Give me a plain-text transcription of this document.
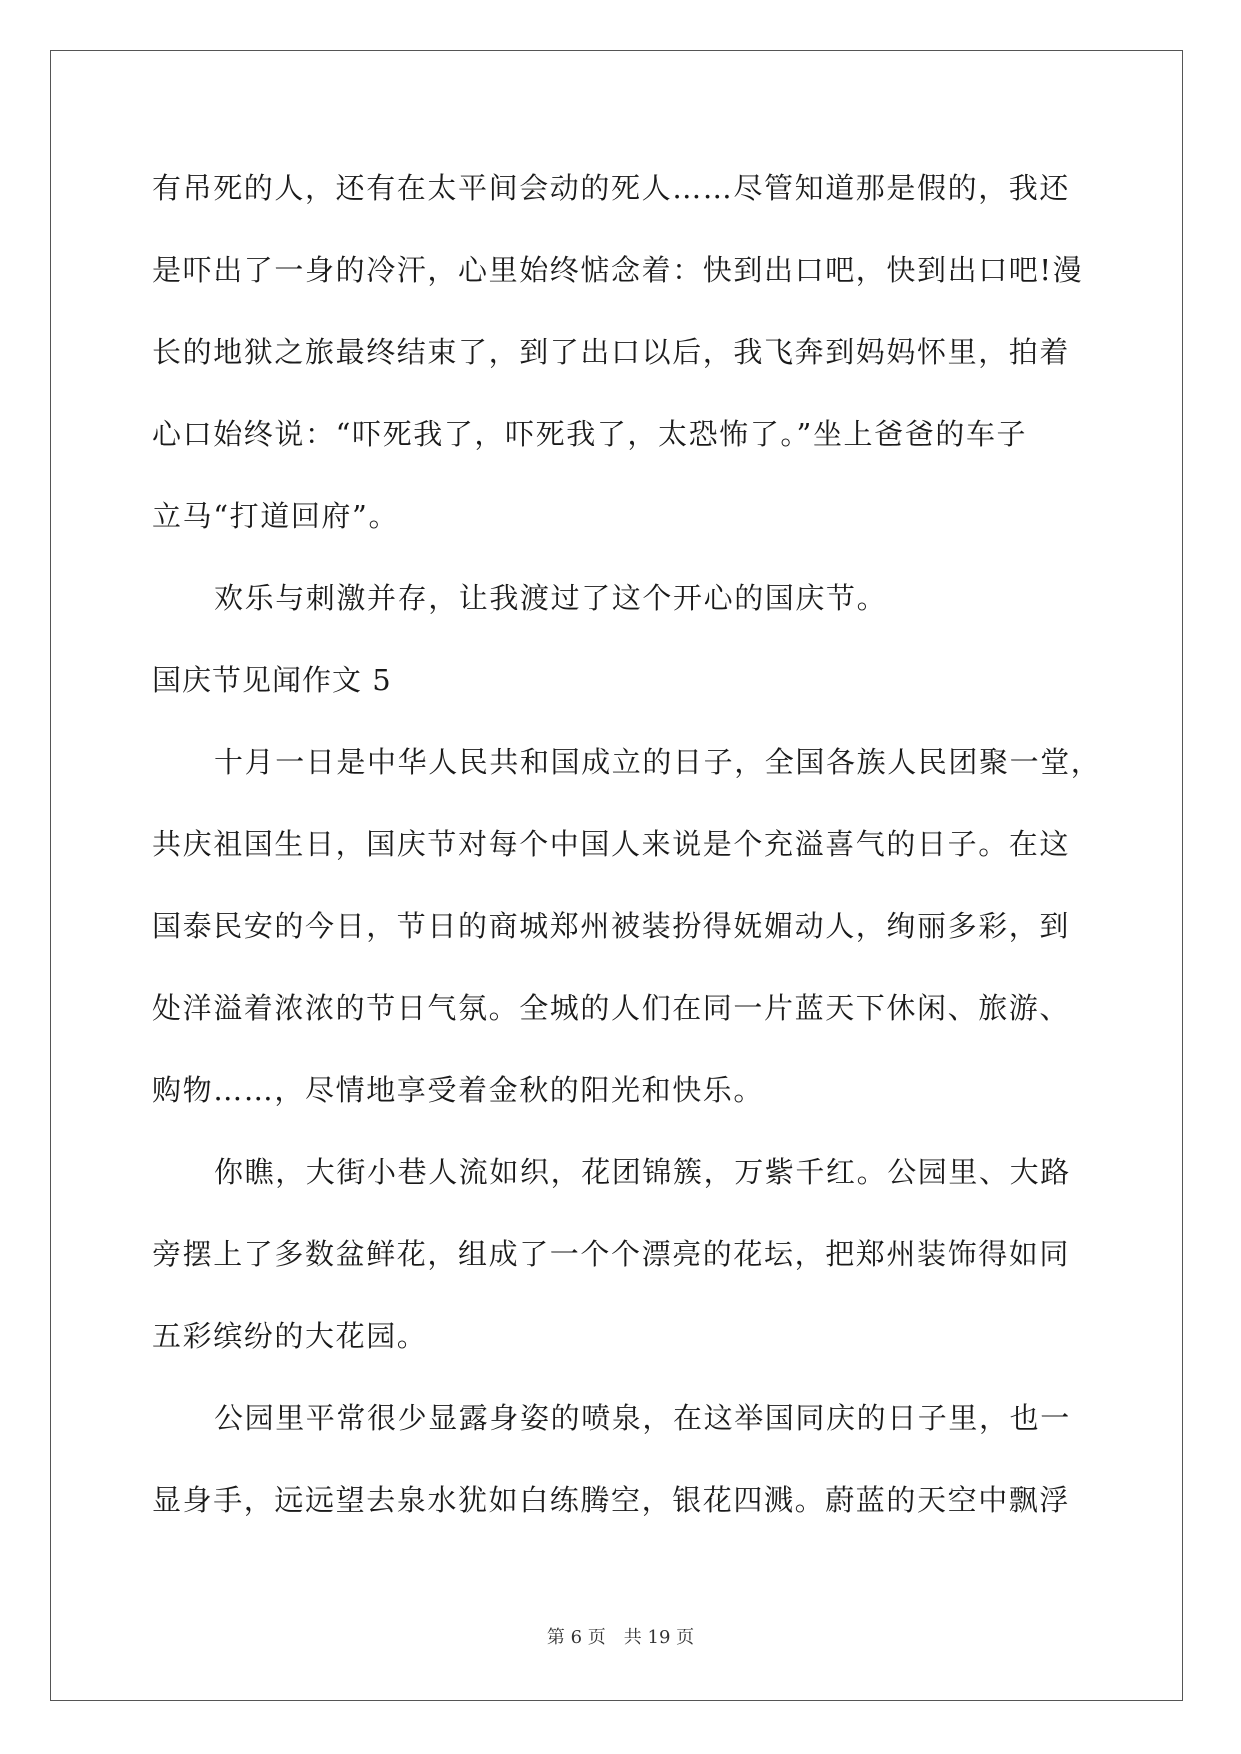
有吊死的人，还有在太平间会动的死人……尽管知道那是假的，我还
是吓出了一身的冷汗，心里始终惦念着：快到出口吧，快到出口吧!漫
长的地狱之旅最终结束了，到了出口以后，我飞奔到妈妈怀里，拍着
心口始终说：“吓死我了，吓死我了，太恐怖了。”坐上爸爸的车子
立马“打道回府”。
欢乐与刺激并存，让我渡过了这个开心的国庆节。
国庆节见闻作文 5
十月一日是中华人民共和国成立的日子，全国各族人民团聚一堂，
共庆祖国生日，国庆节对每个中国人来说是个充溢喜气的日子。在这
国泰民安的今日，节日的商城郑州被装扮得妩媚动人，绚丽多彩，到
处洋溢着浓浓的节日气氛。全城的人们在同一片蓝天下休闲、旅游、
购物……，尽情地享受着金秋的阳光和快乐。
你瞧，大街小巷人流如织，花团锦簇，万紫千红。公园里、大路
旁摆上了多数盆鲜花，组成了一个个漂亮的花坛，把郑州装饰得如同
五彩缤纷的大花园。
公园里平常很少显露身姿的喷泉，在这举国同庆的日子里，也一
显身手，远远望去泉水犹如白练腾空，银花四溅。蔚蓝的天空中飘浮
第 6 页 共 19 页
